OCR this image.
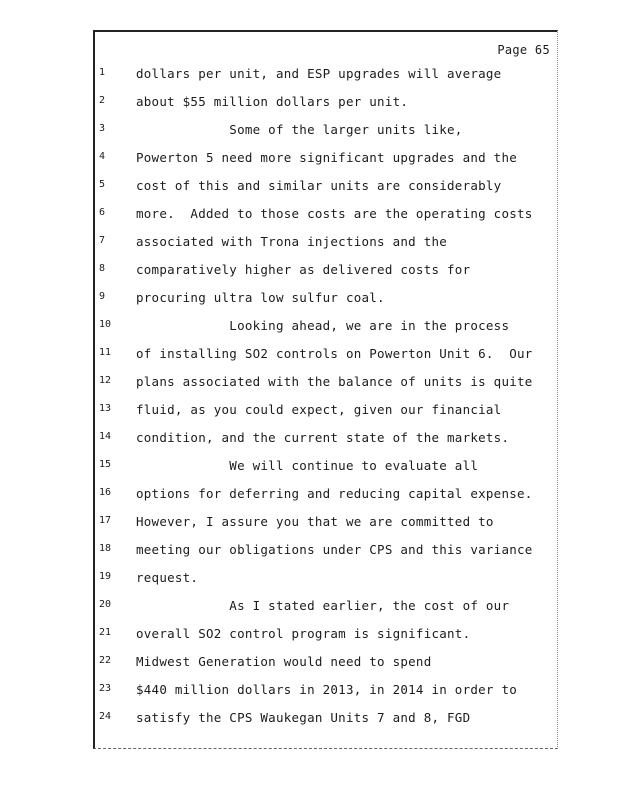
Page 65
1	dollars per unit, and ESP upgrades will average
2	about $55 million dollars per unit.
3	Some of the larger units like,
4	Powerton 5 need more significant upgrades and the
5	cost of this and similar units are considerably
6	more.  Added to those costs are the operating costs
7	associated with Trona injections and the
8	comparatively higher as delivered costs for
9	procuring ultra low sulfur coal.
10	Looking ahead, we are in the process
11	of installing SO2 controls on Powerton Unit 6.  Our
12	plans associated with the balance of units is quite
13	fluid, as you could expect, given our financial
14	condition, and the current state of the markets.
15	We will continue to evaluate all
16	options for deferring and reducing capital expense.
17	However, I assure you that we are committed to
18	meeting our obligations under CPS and this variance
19	request.
20	As I stated earlier, the cost of our
21	overall SO2 control program is significant.
22	Midwest Generation would need to spend
23	$440 million dollars in 2013, in 2014 in order to
24	satisfy the CPS Waukegan Units 7 and 8, FGD
